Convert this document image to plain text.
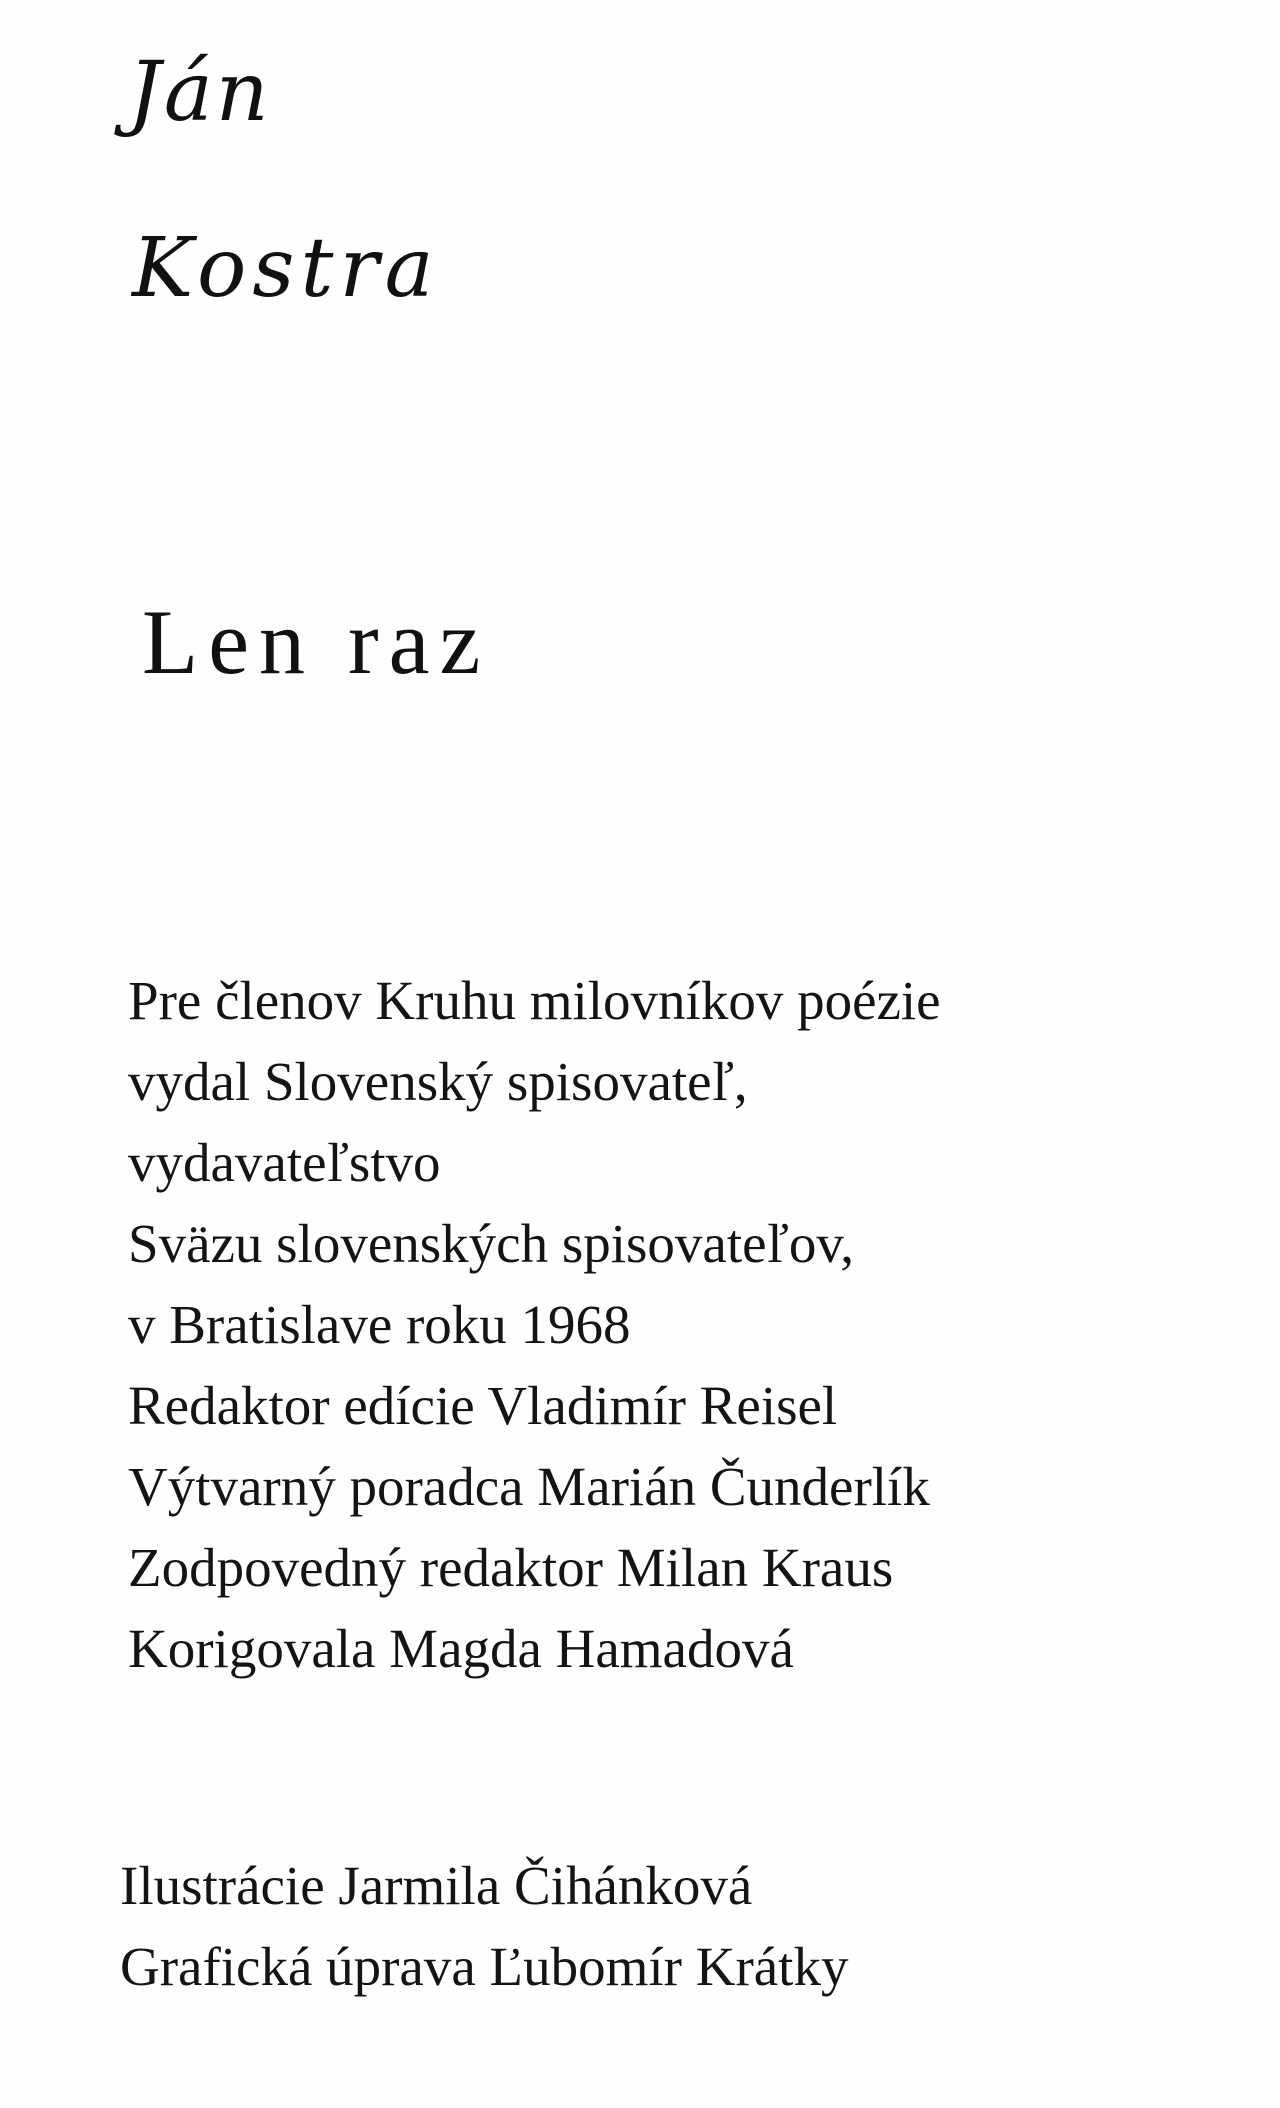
Ján
Kostra
Len raz
Pre členov Kruhu milovníkov poézie
vydal Slovenský spisovateľ,
vydavateľstvo
Sväzu slovenských spisovateľov,
v Bratislave roku 1968
Redaktor edície Vladimír Reisel
Výtvarný poradca Marián Čunderlík
Zodpovedný redaktor Milan Kraus
Korigovala Magda Hamadová
Ilustrácie Jarmila Čihánková
Grafická úprava Ľubomír Krátky
